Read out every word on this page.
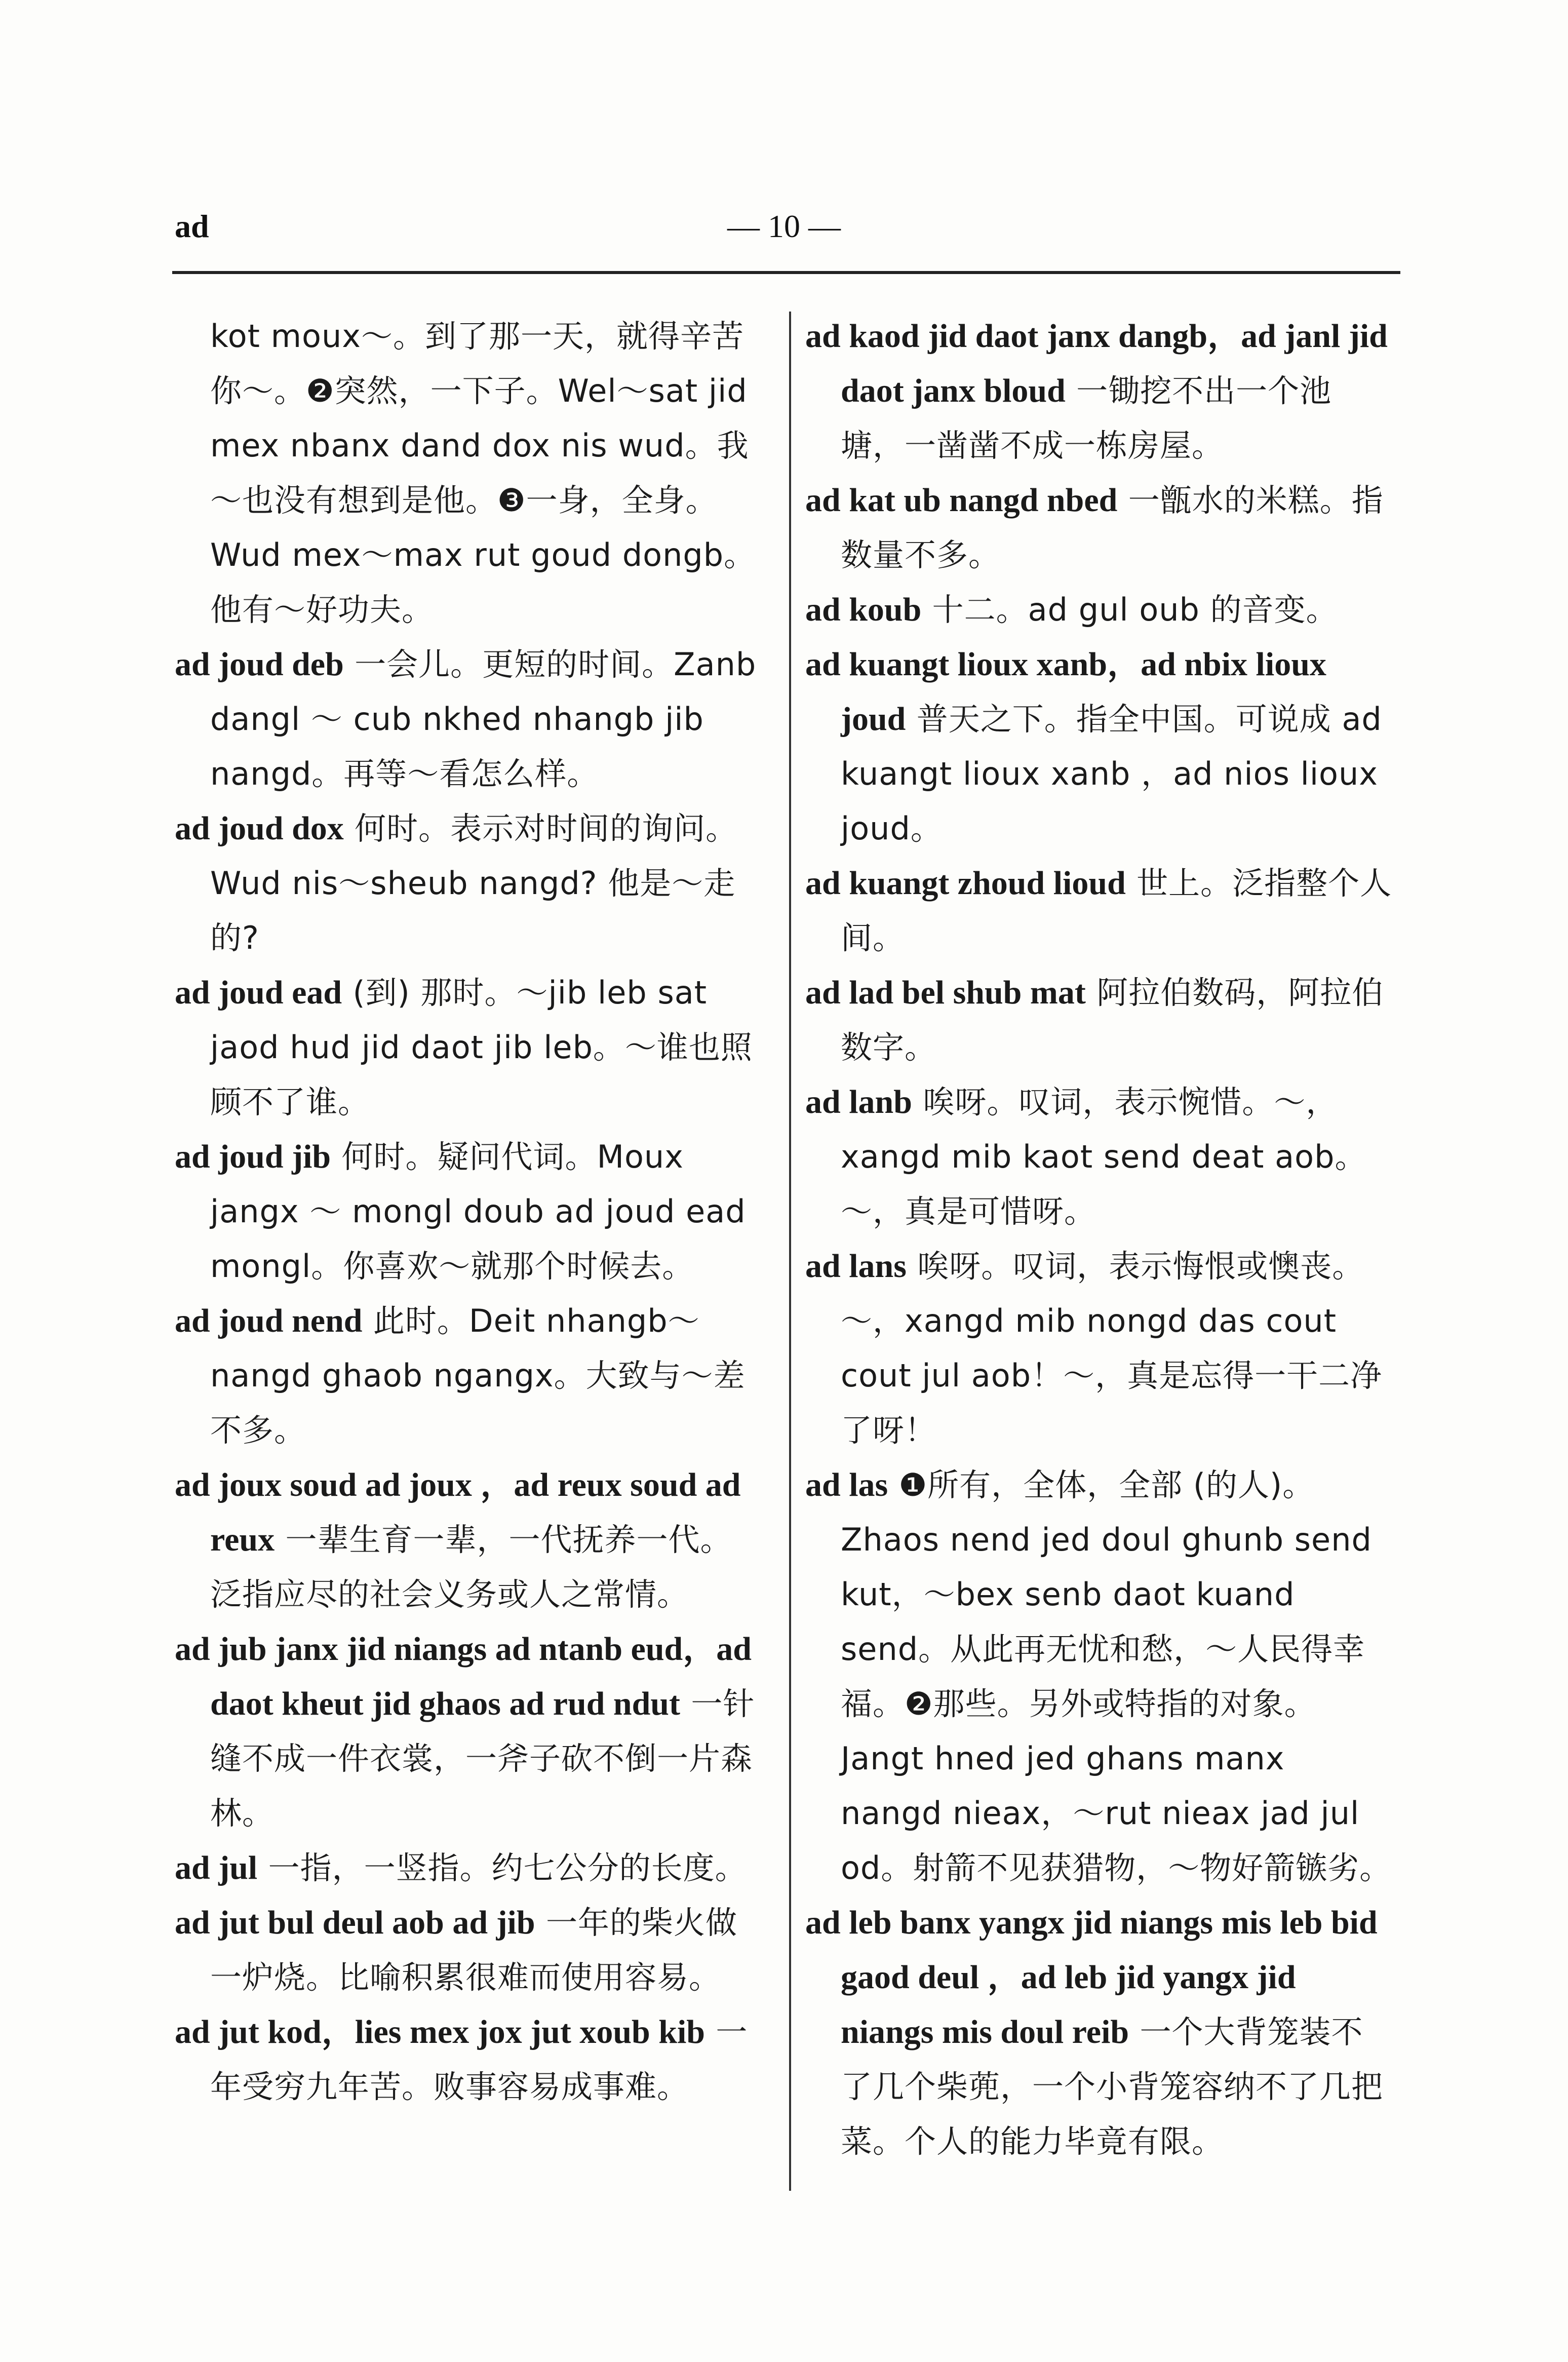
ad	— 10 —

kot moux～。到了那一天，就得辛苦你～。❷突然，一下子。Wel～sat jid mex nbanx dand dox nis wud。我～也没有想到是他。❸一身，全身。Wud mex～max rut goud dongb。他有～好功夫。

ad joud deb 一会儿。更短的时间。Zanb dangl ～ cub nkhed nhangb jib nangd。再等～看怎么样。

ad joud dox 何时。表示对时间的询问。Wud nis～sheub nangd? 他是～走的?

ad joud ead (到) 那时。～jib leb sat jaod hud jid daot jib leb。～谁也照顾不了谁。

ad joud jib 何时。疑问代词。Moux jangx ～ mongl doub ad joud ead mongl。你喜欢～就那个时候去。

ad joud nend 此时。Deit nhangb～nangd ghaob ngangx。大致与～差不多。

ad joux soud ad joux ，ad reux soud ad reux 一辈生育一辈，一代抚养一代。泛指应尽的社会义务或人之常情。

ad jub janx jid niangs ad ntanb eud，ad daot kheut jid ghaos ad rud ndut 一针缝不成一件衣裳，一斧子砍不倒一片森林。

ad jul 一指，一竖指。约七公分的长度。

ad jut bul deul aob ad jib 一年的柴火做一炉烧。比喻积累很难而使用容易。

ad jut kod，lies mex jox jut xoub kib 一年受穷九年苦。败事容易成事难。

ad kaod jid daot janx dangb，ad janl jid daot janx bloud 一锄挖不出一个池塘，一凿凿不成一栋房屋。

ad kat ub nangd nbed 一甑水的米糕。指数量不多。

ad koub 十二。ad gul oub 的音变。

ad kuangt lioux xanb，ad nbix lioux joud 普天之下。指全中国。可说成 ad kuangt lioux xanb ，ad nios lioux joud。

ad kuangt zhoud lioud 世上。泛指整个人间。

ad lad bel shub mat 阿拉伯数码，阿拉伯数字。

ad lanb 唉呀。叹词，表示惋惜。～，xangd mib kaot send deat aob。～，真是可惜呀。

ad lans 唉呀。叹词，表示悔恨或懊丧。～，xangd mib nongd das cout cout jul aob！～，真是忘得一干二净了呀！

ad las ❶所有，全体，全部 (的人)。Zhaos nend jed doul ghunb send kut，～bex senb daot kuand send。从此再无忧和愁，～人民得幸福。❷那些。另外或特指的对象。Jangt hned jed ghans manx nangd nieax，～rut nieax jad jul od。射箭不见获猎物，～物好箭镞劣。

ad leb banx yangx jid niangs mis leb bid gaod deul ，ad leb jid yangx jid niangs mis doul reib 一个大背笼装不了几个柴蔸，一个小背笼容纳不了几把菜。个人的能力毕竟有限。
